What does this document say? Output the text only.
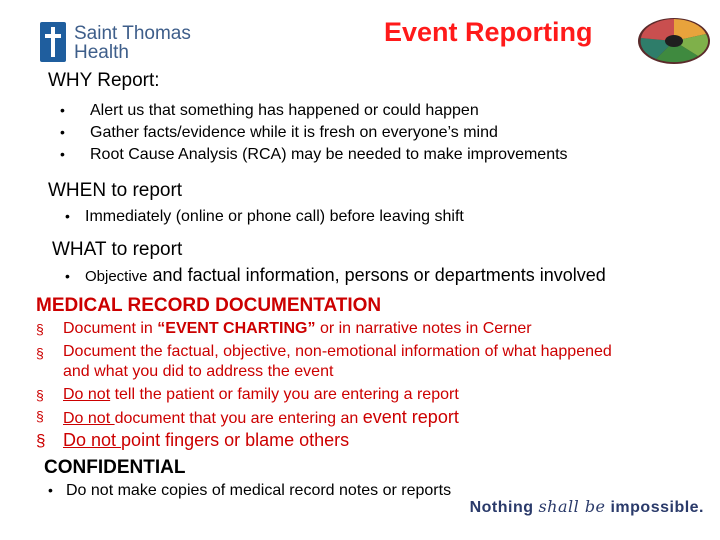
Saint Thomas
Health
Event Reporting
WHY Report:
• Alert us that something has happened or could happen
• Gather facts/evidence while it is fresh on everyone’s mind
• Root Cause Analysis (RCA) may be needed to make improvements
WHEN to report
• Immediately (online or phone call) before leaving shift
WHAT to report
• Objective and factual information, persons or departments involved
MEDICAL RECORD DOCUMENTATION
§ Document in “EVENT CHARTING” or in narrative notes in Cerner
§ Document the factual, objective, non-emotional information of what happened
and what you did to address the event
§ Do not tell the patient or family you are entering a report
§ Do not document that you are entering an event report
§ Do not point fingers or blame others
CONFIDENTIAL
• Do not make copies of medical record notes or reports
Nothing shall be impossible.
